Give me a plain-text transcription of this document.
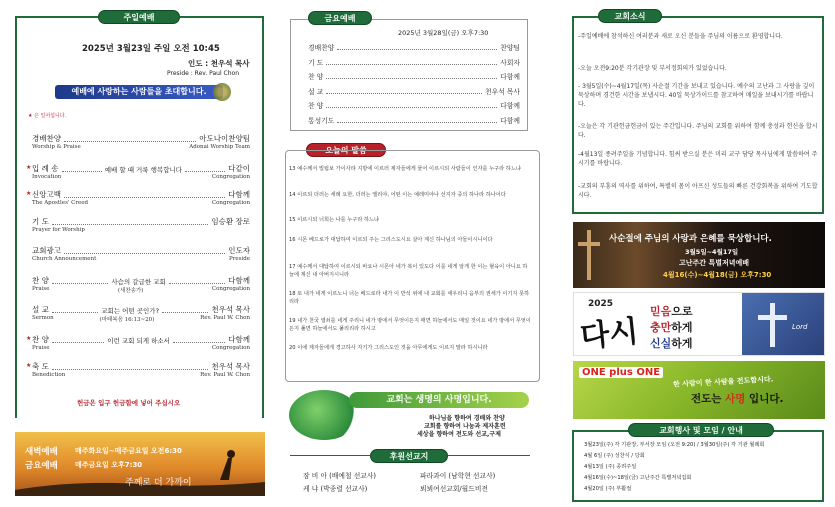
주일예배
2025년 3월23일 주일 오전 10:45
인도 : 천우석 목사
Preside : Rev. Paul Chon
예배에 사랑하는 사람들을 초대합니다.
★ 은 일어섭니다.
경배찬양	아도나이찬양팀
Worship & Praise	Adonai Worship Team
★ 입 례 송	예배 할 때 거룩 행복합니다	다같이
Invocation	Congregation
★ 신앙고백	다함께
The Apostles' Creed	Congregation
기 도	임승환 장로
Prayer for Worship
교회광고	인도자
Church Announcement	Preside
찬 양	사슴의 갈급한 교회	다함께
Praise	(새찬송가)	Congregation
설 교	교회는 어떤 곳인가?	천우석 목사
Sermon	(마태복음 16:13~20)	Rev. Paul W. Chon
★ 찬 양	이런 교회 되게 하소서	다함께
Praise	Congregation
★ 축 도	천우석 목사
Benediction	Rev. Paul W. Chon
헌금은 입구 헌금함에 넣어 주십시오
새벽예배 매주화요일~매주금요일 오전6:30
금요예배 매주금요일 오후7:30
주께로 더 가까이
금요예배
2025년 3월28일(금) 오후7:30
경배찬양	찬양팀
기 도	사회자
찬 양	다함께
설 교	천우석 목사
찬 양	다함께
통성기도	다함께
오늘의 말씀
13 예수께서 빌립보 가이사랴 지방에 이르러 제자들에게 물어 이르시되 사람들이 인자를 누구라 하느냐
14 이르되 더러는 세례 요한, 더러는 엘리야, 어떤 이는 예레미야나 선지자 중의 하나라 하나이다
15 이르시되 너희는 나를 누구라 하느냐
16 시몬 베드로가 대답하여 이르되 주는 그리스도시요 살아 계신 하나님의 아들이시니이다
17 예수께서 대답하여 이르시되 바요나 시몬아 네가 복이 있도다 이를 네게 알게 한 이는 혈육이 아니요 하늘에 계신 내 아버지시니라
18 또 내가 네게 이르노니 너는 베드로라 내가 이 반석 위에 내 교회를 세우리니 음부의 권세가 이기지 못하리라
19 내가 천국 열쇠를 네게 주리니 네가 땅에서 무엇이든지 매면 하늘에서도 매일 것이요 네가 땅에서 무엇이든지 풀면 하늘에서도 풀리리라 하시고
20 이에 제자들에게 경고하사 자기가 그리스도인 것을 아무에게도 이르지 말라 하시니라
교회는 생명의 사명입니다.
하나님을 향하여 경배와 찬양
교회를 향하여 나눔과 제자훈련
세상을 향하여 전도와 선교,구제
후원선교지
잠 비 아 (배예철 선교사)	파라과이 (남학현 선교사)
케 냐 (박종렬 선교사)	뵈뵈여선교회/월드비전
교회소식
-주일예배에 참석하신 여러분과 새로 오신 분들을 주님의 이름으로 환영합니다.
-오늘 오전9:20분 각기관장 및 부서정회의가 있었습니다.
- 3월5일(수)~4월17일(목) 사순절 기간을 보내고 있습니다. 예수의 고난과 그 사랑을 깊이 묵상하며 경건한 시간을 보냅시다. 40일 묵상가이드를 참고하여 매일을 보내시기를 바랍니다.
-오늘은 각 기관헌금헌금이 있는 주간입니다. 주님의 교회를 위하여 함께 충성과 헌신을 합시다.
-4월13일 종려주일을 기념합니다. 힘써 받으실 분은 미리 교구 담당 목사님에게 말씀하여 주시기를 바랍니다.
-교회의 부흥의 역사를 위하여, 특별히 몸이 아프신 성도들의 빠른 건강회복을 위하여 기도합시다.
사순절에 주님의 사랑과 은혜를 묵상합니다.
3월5일~4월17일
고난주간 특별저녁예배
4월16(수)~4월18(금) 오후7:30
2025
다시
믿음으로
충만하게
신실하게
Lord
ONE plus ONE
한 사람이 한 사람을 전도합시다.
전도는 사명 입니다.
교회행사 및 모임 / 안내
3월23일(주) 각 기관장, 부서장 모임 (오전 9:20) / 3월30일(주) 각 기관 월례회
4월 6일 (주) 성찬식 / 당회
4월13일 (주) 종려주일
4월16일(수)~18일(금) 고난주간 특별저녁집회
4월20일 (주) 부활절
